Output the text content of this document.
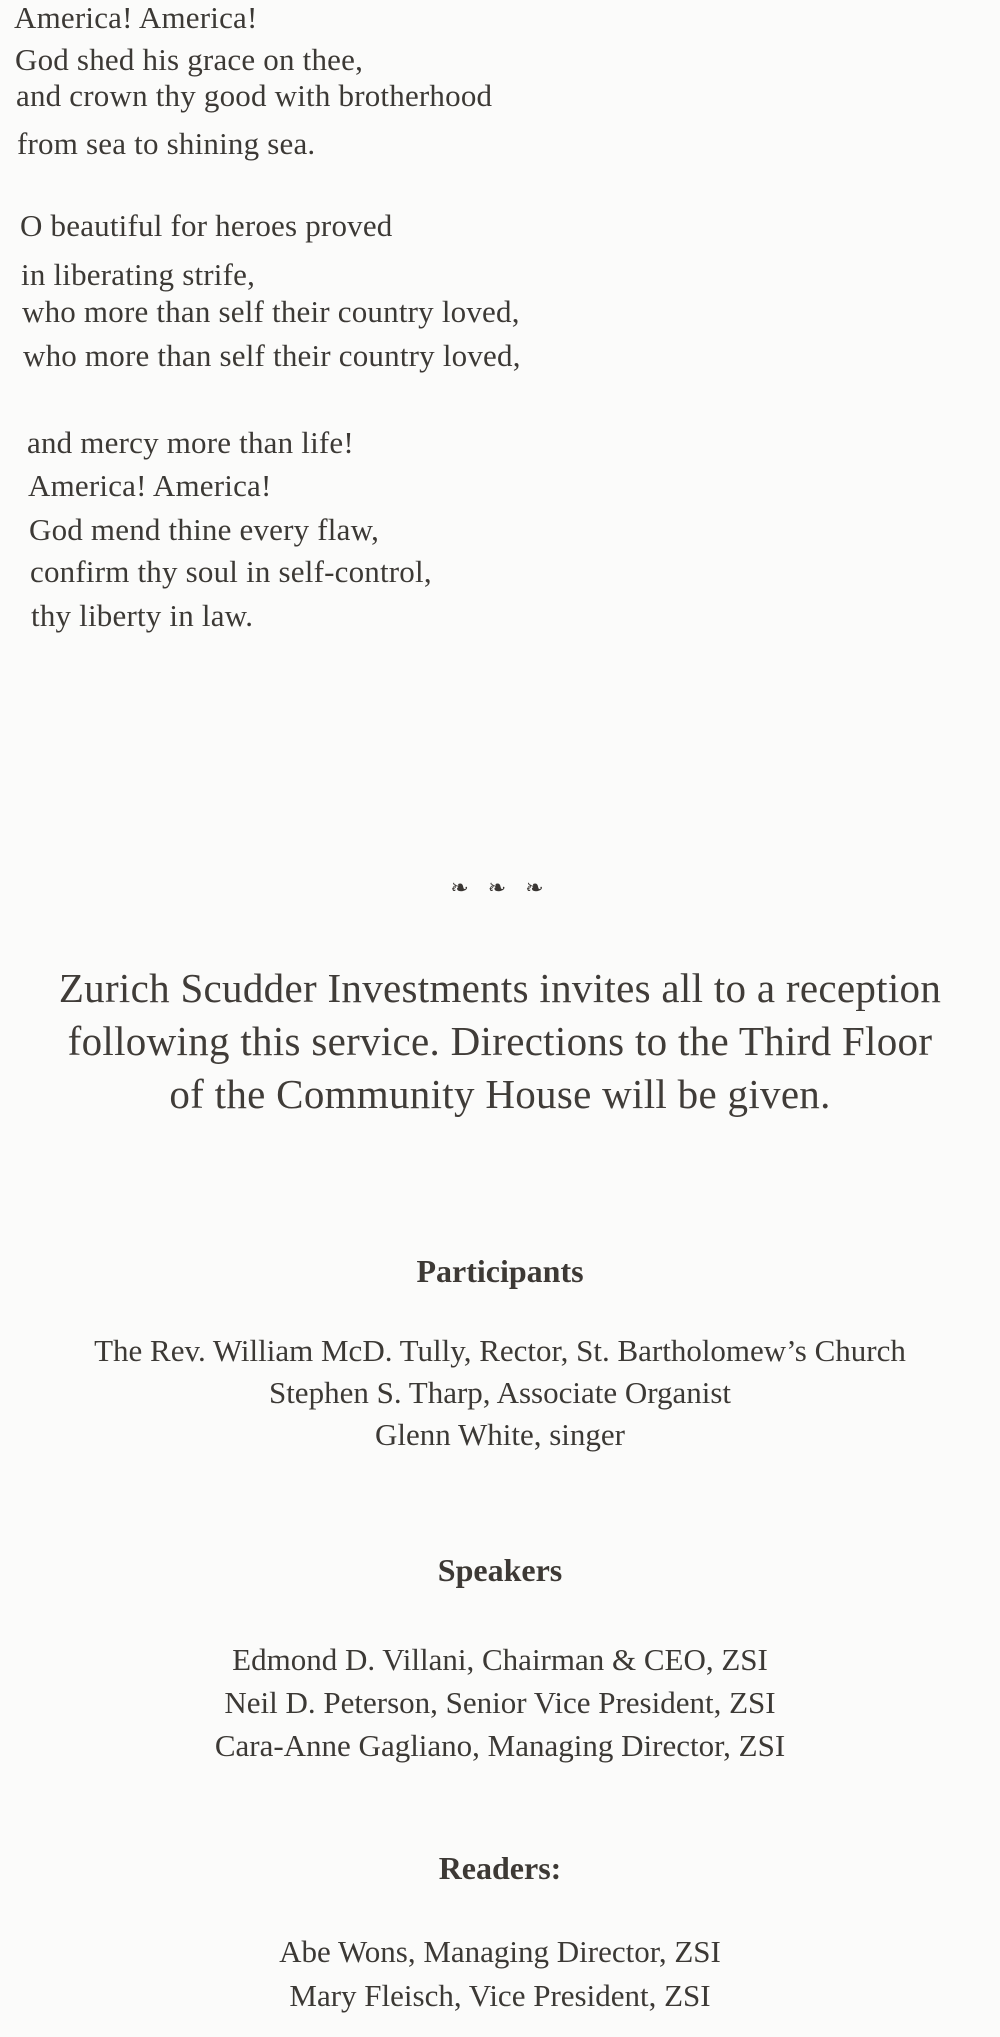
America! America!
God shed his grace on thee,
and crown thy good with brotherhood
from sea to shining sea.
O beautiful for heroes proved
in liberating strife,
who more than self their country loved,
who more than self their country loved,
and mercy more than life!
America! America!
God mend thine every flaw,
confirm thy soul in self-control,
thy liberty in law.
❧ ❧ ❧
Zurich Scudder Investments invites all to a reception
following this service. Directions to the Third Floor
of the Community House will be given.
Participants
The Rev. William McD. Tully, Rector, St. Bartholomew’s Church
Stephen S. Tharp, Associate Organist
Glenn White, singer
Speakers
Edmond D. Villani, Chairman & CEO, ZSI
Neil D. Peterson, Senior Vice President, ZSI
Cara-Anne Gagliano, Managing Director, ZSI
Readers:
Abe Wons, Managing Director, ZSI
Mary Fleisch, Vice President, ZSI
